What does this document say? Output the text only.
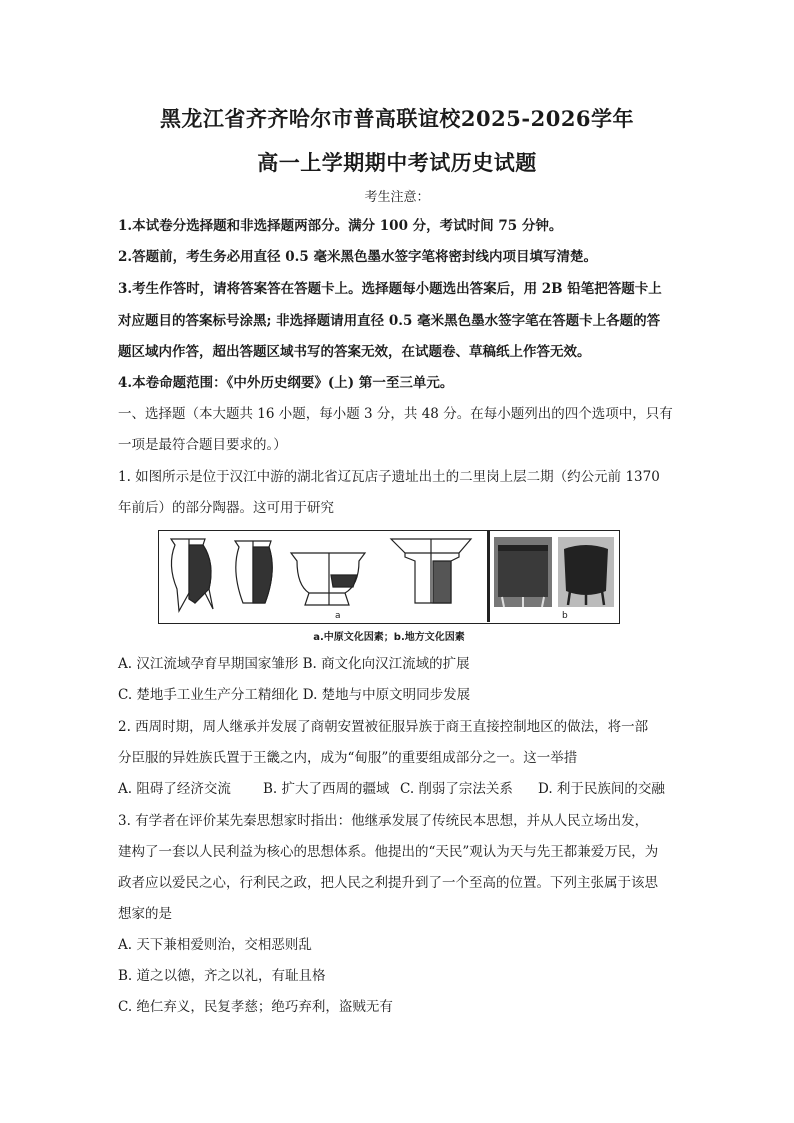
黑龙江省齐齐哈尔市普高联谊校2025-2026学年
高一上学期期中考试历史试题
考生注意：
1.本试卷分选择题和非选择题两部分。满分 100 分，考试时间 75 分钟。
2.答题前，考生务必用直径 0.5 毫米黑色墨水签字笔将密封线内项目填写清楚。
3.考生作答时，请将答案答在答题卡上。选择题每小题选出答案后，用 2B 铅笔把答题卡上
对应题目的答案标号涂黑; 非选择题请用直径 0.5 毫米黑色墨水签字笔在答题卡上各题的答
题区域内作答，超出答题区域书写的答案无效，在试题卷、草稿纸上作答无效。
4.本卷命题范围：《中外历史纲要》(上) 第一至三单元。
一、选择题（本大题共 16 小题，每小题 3 分，共 48 分。在每小题列出的四个选项中，只有
一项是最符合题目要求的。）
1. 如图所示是位于汉江中游的湖北省辽瓦店子遗址出土的二里岗上层二期（约公元前 1370
年前后）的部分陶器。这可用于研究
a	b
a.中原文化因素；b.地方文化因素
A. 汉江流域孕育早期国家雏形 B. 商文化向汉江流域的扩展
C. 楚地手工业生产分工精细化 D. 楚地与中原文明同步发展
2. 西周时期，周人继承并发展了商朝安置被征服异族于商王直接控制地区的做法，将一部
分臣服的异姓族氏置于王畿之内，成为“甸服”的重要组成部分之一。这一举措
A. 阻碍了经济交流 B. 扩大了西周的疆域 C. 削弱了宗法关系 D. 利于民族间的交融
3. 有学者在评价某先秦思想家时指出：他继承发展了传统民本思想，并从人民立场出发，
建构了一套以人民利益为核心的思想体系。他提出的“天民”观认为天与先王都兼爱万民，为
政者应以爱民之心，行利民之政，把人民之利提升到了一个至高的位置。下列主张属于该思
想家的是
A. 天下兼相爱则治，交相恶则乱
B. 道之以德，齐之以礼，有耻且格
C. 绝仁弃义，民复孝慈；绝巧弃利，盗贼无有
